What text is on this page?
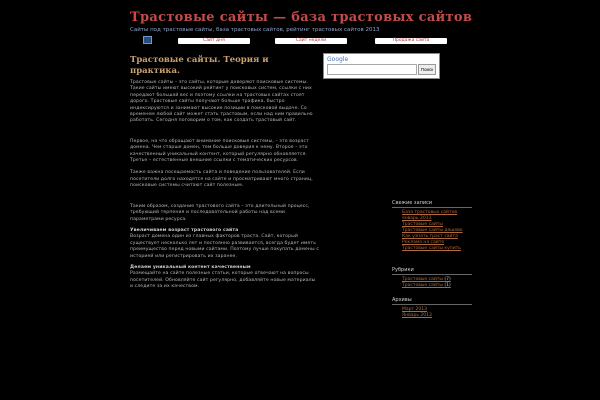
Трастовые сайты — база трастовых сайтов
Сайты под трастовые сайты, база трастовых сайтов, рейтинг трастовых сайтов 2013
Сайт дня	Сайт недели	Продажа сайта
Трастовые сайты. Теория и практика.

Трастовые сайты – это сайты, которым доверяют поисковые системы. Такие сайты имеют высокий рейтинг у поисковых систем, ссылки с них передают большой вес и поэтому ссылки на трастовых сайтах стоят дорого. Трастовые сайты получают больше трафика, быстро индексируются и занимают высокие позиции в поисковой выдаче. Со временем любой сайт может стать трастовым, если над ним правильно работать. Сегодня поговорим о том, как создать трастовый сайт.

Первое, на что обращают внимание поисковые системы, – это возраст домена. Чем старше домен, тем больше доверия к нему. Второе – это качественный уникальный контент, который регулярно обновляется. Третье – естественные внешние ссылки с тематических ресурсов.

Также важна посещаемость сайта и поведение пользователей. Если посетители долго находятся на сайте и просматривают много страниц, поисковые системы считают сайт полезным.

Таким образом, создание трастового сайта – это длительный процесс, требующий терпения и последовательной работы над всеми параметрами ресурса.

Увеличиваем возраст трастового сайта

Возраст домена один из главных факторов траста. Сайт, который существует несколько лет и постоянно развивается, всегда будет иметь преимущество перед новыми сайтами. Поэтому лучше покупать домены с историей или регистрировать их заранее.

Делаем уникальный контент качественным

Размещайте на сайте полезные статьи, которые отвечают на вопросы посетителей. Обновляйте сайт регулярно, добавляйте новые материалы и следите за их качеством.

Google
Поиск
Свежие записи
База трастовых сайтов январь 2013
Трастовые сайты
Трастовые сайты дешево
Как узнать траст сайта
Реклама на сайте
Трастовые сайты купить
Рубрики
Трастовые сайты (7)
Трастовые сайты (1)
Архивы
Март 2013
Январь 2013
